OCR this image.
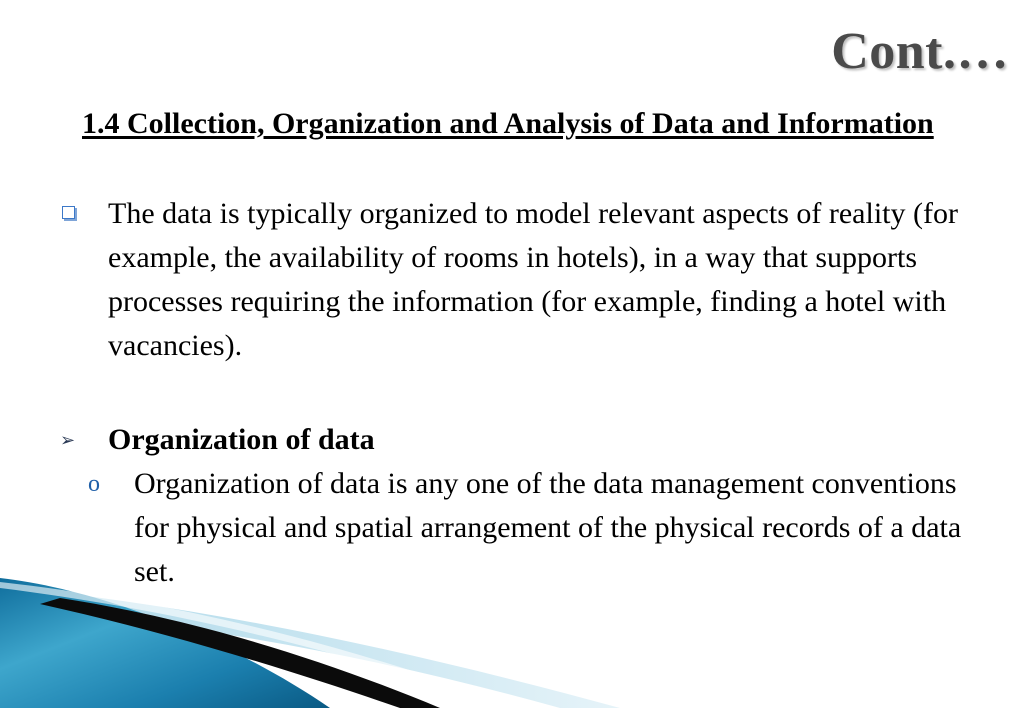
Cont.…
1.4 Collection, Organization and Analysis of Data and Information
The data is typically organized to model relevant aspects of reality (for example, the availability of rooms in hotels), in a way that supports processes requiring the information (for example, finding a hotel with vacancies).
➢ Organization of data
o Organization of data is any one of the data management conventions for physical and spatial arrangement of the physical records of a data set.
